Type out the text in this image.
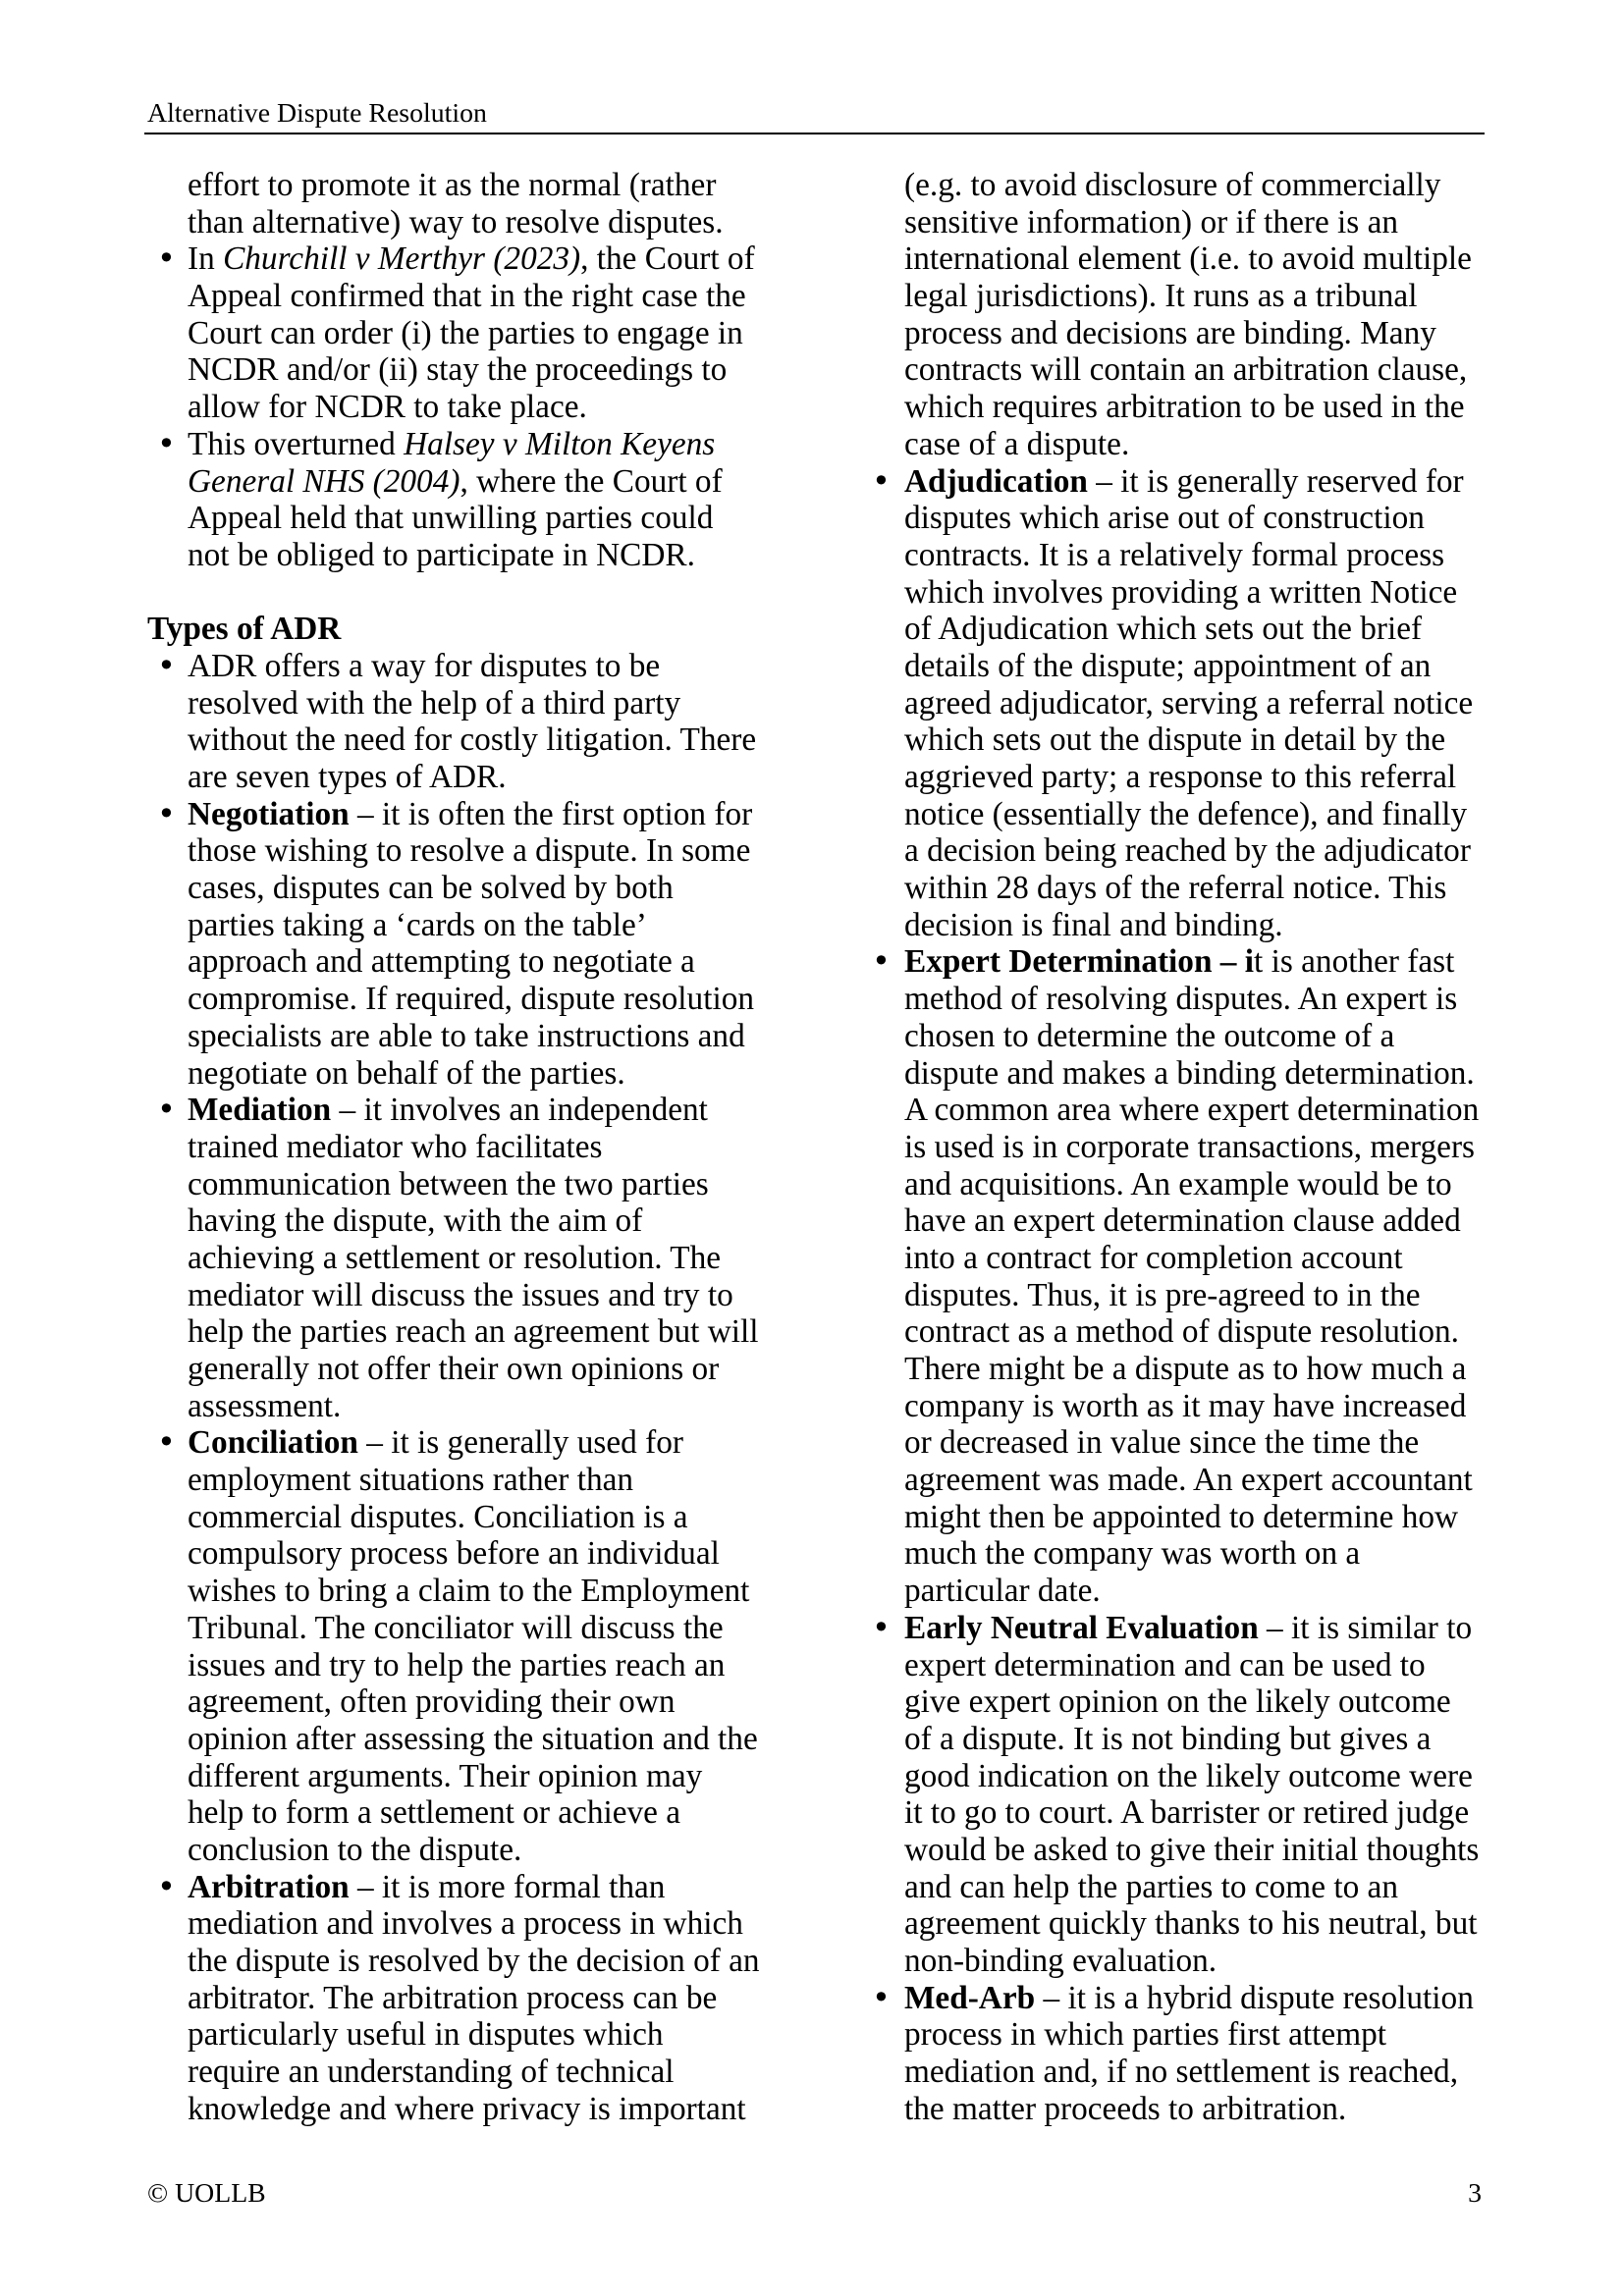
Alternative Dispute Resolution
effort to promote it as the normal (rather
than alternative) way to resolve disputes.
• In Churchill v Merthyr (2023), the Court of
Appeal confirmed that in the right case the
Court can order (i) the parties to engage in
NCDR and/or (ii) stay the proceedings to
allow for NCDR to take place.
• This overturned Halsey v Milton Keyens
General NHS (2004), where the Court of
Appeal held that unwilling parties could
not be obliged to participate in NCDR.
Types of ADR
• ADR offers a way for disputes to be
resolved with the help of a third party
without the need for costly litigation. There
are seven types of ADR.
• Negotiation – it is often the first option for
those wishing to resolve a dispute. In some
cases, disputes can be solved by both
parties taking a ‘cards on the table’
approach and attempting to negotiate a
compromise. If required, dispute resolution
specialists are able to take instructions and
negotiate on behalf of the parties.
• Mediation – it involves an independent
trained mediator who facilitates
communication between the two parties
having the dispute, with the aim of
achieving a settlement or resolution. The
mediator will discuss the issues and try to
help the parties reach an agreement but will
generally not offer their own opinions or
assessment.
• Conciliation – it is generally used for
employment situations rather than
commercial disputes. Conciliation is a
compulsory process before an individual
wishes to bring a claim to the Employment
Tribunal. The conciliator will discuss the
issues and try to help the parties reach an
agreement, often providing their own
opinion after assessing the situation and the
different arguments. Their opinion may
help to form a settlement or achieve a
conclusion to the dispute.
• Arbitration – it is more formal than
mediation and involves a process in which
the dispute is resolved by the decision of an
arbitrator. The arbitration process can be
particularly useful in disputes which
require an understanding of technical
knowledge and where privacy is important
(e.g. to avoid disclosure of commercially
sensitive information) or if there is an
international element (i.e. to avoid multiple
legal jurisdictions). It runs as a tribunal
process and decisions are binding. Many
contracts will contain an arbitration clause,
which requires arbitration to be used in the
case of a dispute.
• Adjudication – it is generally reserved for
disputes which arise out of construction
contracts. It is a relatively formal process
which involves providing a written Notice
of Adjudication which sets out the brief
details of the dispute; appointment of an
agreed adjudicator, serving a referral notice
which sets out the dispute in detail by the
aggrieved party; a response to this referral
notice (essentially the defence), and finally
a decision being reached by the adjudicator
within 28 days of the referral notice. This
decision is final and binding.
• Expert Determination – it is another fast
method of resolving disputes. An expert is
chosen to determine the outcome of a
dispute and makes a binding determination.
A common area where expert determination
is used is in corporate transactions, mergers
and acquisitions. An example would be to
have an expert determination clause added
into a contract for completion account
disputes. Thus, it is pre-agreed to in the
contract as a method of dispute resolution.
There might be a dispute as to how much a
company is worth as it may have increased
or decreased in value since the time the
agreement was made. An expert accountant
might then be appointed to determine how
much the company was worth on a
particular date.
• Early Neutral Evaluation – it is similar to
expert determination and can be used to
give expert opinion on the likely outcome
of a dispute. It is not binding but gives a
good indication on the likely outcome were
it to go to court. A barrister or retired judge
would be asked to give their initial thoughts
and can help the parties to come to an
agreement quickly thanks to his neutral, but
non-binding evaluation.
• Med-Arb – it is a hybrid dispute resolution
process in which parties first attempt
mediation and, if no settlement is reached,
the matter proceeds to arbitration.
© UOLLB	3
